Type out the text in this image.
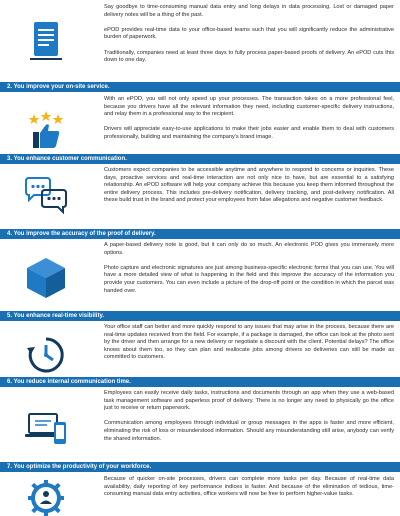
Say goodbye to time-consuming manual data entry and long delays in data processing. Lost or damaged paper delivery notes will be a thing of the past.

ePOD provides real-time data to your office-based teams such that you will significantly reduce the administrative burden of paperwork.

Traditionally, companies need at least three days to fully process paper-based proofs of delivery. An ePOD cuts this down to one day.

2. You improve your on-site service.

With an ePOD, you will not only speed up your processes. The transaction takes on a more professional feel, because you drivers have all the relevant information they need, including customer-specific delivery instructions, and relay them in a professional way to the recipient.

Drivers will appreciate easy-to-use applications to make their jobs easier and enable them to deal with customers professionally, building and maintaining the company's brand image.

3. You enhance customer communication.

Customers expect companies to be accessible anytime and anywhere to respond to concerns or inquiries. These days, proactive services and real-time interaction are not only nice to have, but are essential to a satisfying relationship. An ePOD software will help your company achieve this because you keep them informed throughout the entire delivery process. This includes pre-delivery notification, delivery tracking, and post-delivery notification. All these build trust in the brand and protect your employees from false allegations and negative customer feedback.

4. You improve the accuracy of the proof of delivery.

A paper-based delivery note is good, but it can only do so much. An electronic POD gives you immensely more options.

Photo capture and electronic signatures are just among business-specific electronic forms that you can use. You will have a more detailed view of what is happening in the field and this improve the accuracy of the information you provide your customers. You can even include a picture of the drop-off point or the condition in which the parcel was handed over.

5. You enhance real-time visibility.

Your office staff can better and more quickly respond to any issues that may arise in the process, because there are real-time updates received from the field. For example, if a package is damaged, the office can look at the photo sent by the driver and then arrange for a new delivery or negotiate a discount with the client. Potential delays? The office knows about them too, so they can plan and reallocate jobs among drivers so deliveries can still be made as committed to customers.

6. You reduce internal communication time.

Employees can easily receive daily tasks, instructions and documents through an app when they use a web-based task management software and paperless proof of delivery. There is no longer any need to physically go the office just to receive or return paperwork.

Communication among employees through individual or group messages in the apps is faster and more efficient, eliminating the risk of loss or misunderstood information. Should any misunderstanding still arise, anybody can verify the shared information.

7. You optimize the productivity of your workforce.

Because of quicker on-site processes, drivers can complete more tasks per day. Because of real-time data availability, daily reporting of key performance indices is faster. And because of the elimination of tedious, time-consuming manual data entry activities, office workers will now be free to perform higher-value tasks.
